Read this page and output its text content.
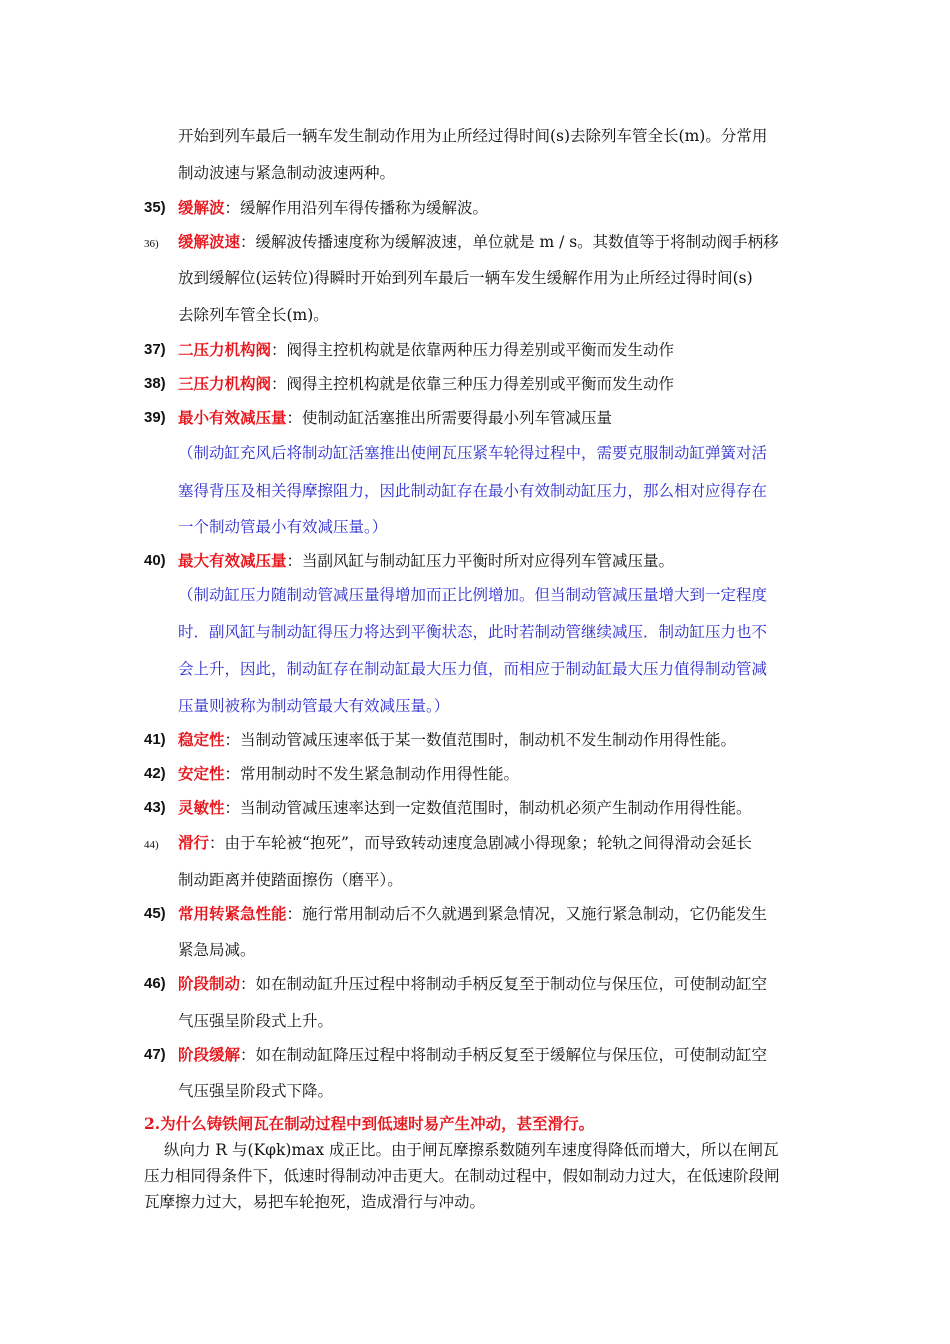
开始到列车最后一辆车发生制动作用为止所经过得时间(s)去除列车管全长(m)。分常用
制动波速与紧急制动波速两种。
35) 缓解波：缓解作用沿列车得传播称为缓解波。
36) 缓解波速：缓解波传播速度称为缓解波速，单位就是 m / s。其数值等于将制动阀手柄移
放到缓解位(运转位)得瞬时开始到列车最后一辆车发生缓解作用为止所经过得时间(s)
去除列车管全长(m)。
37) 二压力机构阀：阀得主控机构就是依靠两种压力得差别或平衡而发生动作
38) 三压力机构阀：阀得主控机构就是依靠三种压力得差别或平衡而发生动作
39) 最小有效减压量：使制动缸活塞推出所需要得最小列车管减压量
（制动缸充风后将制动缸活塞推出使闸瓦压紧车轮得过程中，需要克服制动缸弹簧对活
塞得背压及相关得摩擦阻力，因此制动缸存在最小有效制动缸压力，那么相对应得存在
一个制动管最小有效减压量。）
40) 最大有效减压量：当副风缸与制动缸压力平衡时所对应得列车管减压量。
（制动缸压力随制动管减压量得增加而正比例增加。但当制动管减压量增大到一定程度
时．副风缸与制动缸得压力将达到平衡状态，此时若制动管继续减压．制动缸压力也不
会上升，因此，制动缸存在制动缸最大压力值，而相应于制动缸最大压力值得制动管减
压量则被称为制动管最大有效减压量。）
41) 稳定性：当制动管减压速率低于某一数值范围时，制动机不发生制动作用得性能。
42) 安定性：常用制动时不发生紧急制动作用得性能。
43) 灵敏性：当制动管减压速率达到一定数值范围时，制动机必须产生制动作用得性能。
44) 滑行：由于车轮被“抱死”，而导致转动速度急剧减小得现象；轮轨之间得滑动会延长
制动距离并使踏面擦伤（磨平）。
45) 常用转紧急性能：施行常用制动后不久就遇到紧急情况，又施行紧急制动，它仍能发生
紧急局减。
46) 阶段制动：如在制动缸升压过程中将制动手柄反复至于制动位与保压位，可使制动缸空
气压强呈阶段式上升。
47) 阶段缓解：如在制动缸降压过程中将制动手柄反复至于缓解位与保压位，可使制动缸空
气压强呈阶段式下降。
2.为什么铸铁闸瓦在制动过程中到低速时易产生冲动，甚至滑行。
纵向力 R 与(Kφk)max 成正比。由于闸瓦摩擦系数随列车速度得降低而增大，所以在闸瓦
压力相同得条件下，低速时得制动冲击更大。在制动过程中，假如制动力过大，在低速阶段闸
瓦摩擦力过大，易把车轮抱死，造成滑行与冲动。
